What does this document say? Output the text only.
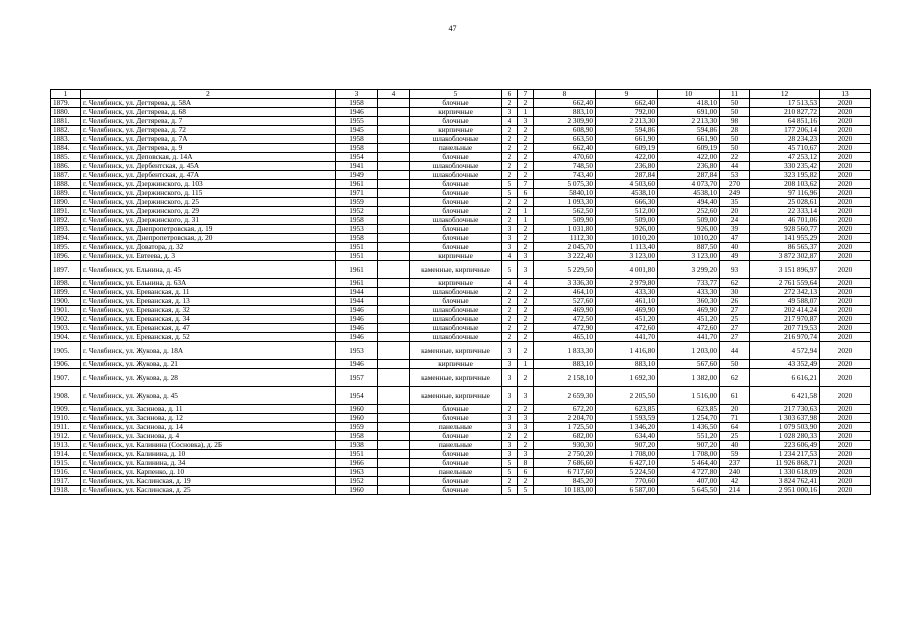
47
1	2	3	4	5	6	7	8	9	10	11	12	13
1879.	г. Челябинск, ул. Дегтярева, д. 58А	1958		блочные	2	2	662,40	662,40	418,10	50	17 513,53	2020
1880.	г. Челябинск, ул. Дегтярева, д. 68	1946		кирпичные	3	1	883,10	792,00	691,00	50	210 827,72	2020
1881.	г. Челябинск, ул. Дегтярева, д. 7	1955		блочные	4	3	2 309,90	2 213,30	2 213,30	98	64 851,16	2020
1882.	г. Челябинск, ул. Дегтярева, д. 72	1945		кирпичные	2	2	608,90	594,86	594,86	28	177 206,14	2020
1883.	г. Челябинск, ул. Дегтярева, д. 7А	1958		шлакоблочные	2	2	663,50	661,90	661,90	50	28 234,23	2020
1884.	г. Челябинск, ул. Дегтярева, д. 9	1958		панельные	2	2	662,40	609,19	609,19	50	45 710,67	2020
1885.	г. Челябинск, ул. Деповская, д. 14А	1954		блочные	2	2	470,60	422,00	422,00	22	47 253,12	2020
1886.	г. Челябинск, ул. Дербентская, д. 45А	1941		шлакоблочные	2	2	748,50	236,80	236,80	44	330 235,42	2020
1887.	г. Челябинск, ул. Дербентская, д. 47А	1949		шлакоблочные	2	2	743,40	287,84	287,84	53	323 195,82	2020
1888.	г. Челябинск, ул. Дзержинского, д. 103	1961		блочные	5	7	5 075,30	4 503,60	4 073,70	270	208 103,62	2020
1889.	г. Челябинск, ул. Дзержинского, д. 115	1971		блочные	5	6	5840,10	4538,10	4538,10	249	97 116,96	2020
1890.	г. Челябинск, ул. Дзержинского, д. 25	1959		блочные	2	2	1 093,30	666,30	494,40	35	25 028,61	2020
1891.	г. Челябинск, ул. Дзержинского, д. 29	1952		блочные	2	1	562,50	512,00	252,60	20	22 333,14	2020
1892.	г. Челябинск, ул. Дзержинского, д. 31	1958		шлакоблочные	2	1	509,90	509,00	509,00	24	46 701,06	2020
1893.	г. Челябинск, ул. Днепропетровская, д. 19	1953		блочные	3	2	1 031,80	926,00	926,00	39	928 560,77	2020
1894.	г. Челябинск, ул. Днепропетровская, д. 20	1958		блочные	3	2	1112,30	1010,20	1010,20	47	141 955,29	2020
1895.	г. Челябинск, ул. Доватора, д. 32	1951		блочные	3	2	2 045,70	1 113,40	887,50	40	86 565,37	2020
1896.	г. Челябинск, ул. Евтеева, д. 3	1951		кирпичные	4	3	3 222,40	3 123,00	3 123,00	49	3 872 302,87	2020
1897.	г. Челябинск, ул. Ельнина, д. 45	1961		каменные, кирпичные	5	3	5 229,50	4 001,80	3 299,20	93	3 151 896,97	2020
1898.	г. Челябинск, ул. Ельнина, д. 63А	1961		кирпичные	4	4	3 336,30	2 979,80	733,77	62	2 761 559,64	2020
1899.	г. Челябинск, ул. Ереванская, д. 11	1944		шлакоблочные	2	2	464,10	433,30	433,30	30	272 342,13	2020
1900.	г. Челябинск, ул. Ереванская, д. 13	1944		блочные	2	2	527,60	461,10	360,30	26	49 588,07	2020
1901.	г. Челябинск, ул. Ереванская, д. 32	1946		шлакоблочные	2	2	469,90	469,90	469,90	27	202 414,24	2020
1902.	г. Челябинск, ул. Ереванская, д. 34	1946		шлакоблочные	2	2	472,50	451,20	451,20	25	217 970,87	2020
1903.	г. Челябинск, ул. Ереванская, д. 47	1946		шлакоблочные	2	2	472,90	472,60	472,60	27	207 719,53	2020
1904.	г. Челябинск, ул. Ереванская, д. 52	1946		шлакоблочные	2	2	465,10	441,70	441,70	27	216 970,74	2020
1905.	г. Челябинск, ул. Жукова, д. 18А	1953		каменные, кирпичные	3	2	1 833,30	1 416,80	1 203,00	44	4 572,94	2020
1906.	г. Челябинск, ул. Жукова, д. 21	1946		кирпичные	3	1	883,10	883,10	567,60	50	43 352,49	2020
1907.	г. Челябинск, ул. Жукова, д. 28	1957		каменные, кирпичные	3	2	2 158,10	1 692,30	1 382,00	62	6 616,21	2020
1908.	г. Челябинск, ул. Жукова, д. 45	1954		каменные, кирпичные	3	3	2 659,30	2 205,50	1 516,00	61	6 421,58	2020
1909.	г. Челябинск, ул. Засинова, д. 11	1960		блочные	2	2	672,20	623,85	623,85	20	217 730,63	2020
1910.	г. Челябинск, ул. Засинова, д. 12	1960		блочные	3	3	2 204,70	1 593,59	1 254,70	71	1 303 637,98	2020
1911.	г. Челябинск, ул. Засинова, д. 14	1959		панельные	3	3	1 725,50	1 346,20	1 436,50	64	1 079 503,90	2020
1912.	г. Челябинск, ул. Засинова, д. 4	1958		блочные	2	2	682,00	634,40	551,20	25	1 028 280,33	2020
1913.	г. Челябинск, ул. Калинина (Сосновка), д. 2Б	1938		панельные	3	2	930,30	907,20	907,20	40	223 606,49	2020
1914.	г. Челябинск, ул. Калинина, д. 10	1951		блочные	3	3	2 750,20	1 708,00	1 708,00	59	1 234 217,53	2020
1915.	г. Челябинск, ул. Калинина, д. 34	1966		блочные	5	8	7 686,60	6 427,10	5 464,40	237	11 926 868,71	2020
1916.	г. Челябинск, ул. Карпенко, д. 10	1963		панельные	5	6	6 717,60	5 224,50	4 727,80	240	1 330 618,09	2020
1917.	г. Челябинск, ул. Каслинская, д. 19	1952		блочные	2	2	845,20	770,60	407,00	42	3 824 762,41	2020
1918.	г. Челябинск, ул. Каслинская, д. 25	1960		блочные	5	5	10 183,00	6 587,00	5 645,50	214	2 951 000,16	2020
